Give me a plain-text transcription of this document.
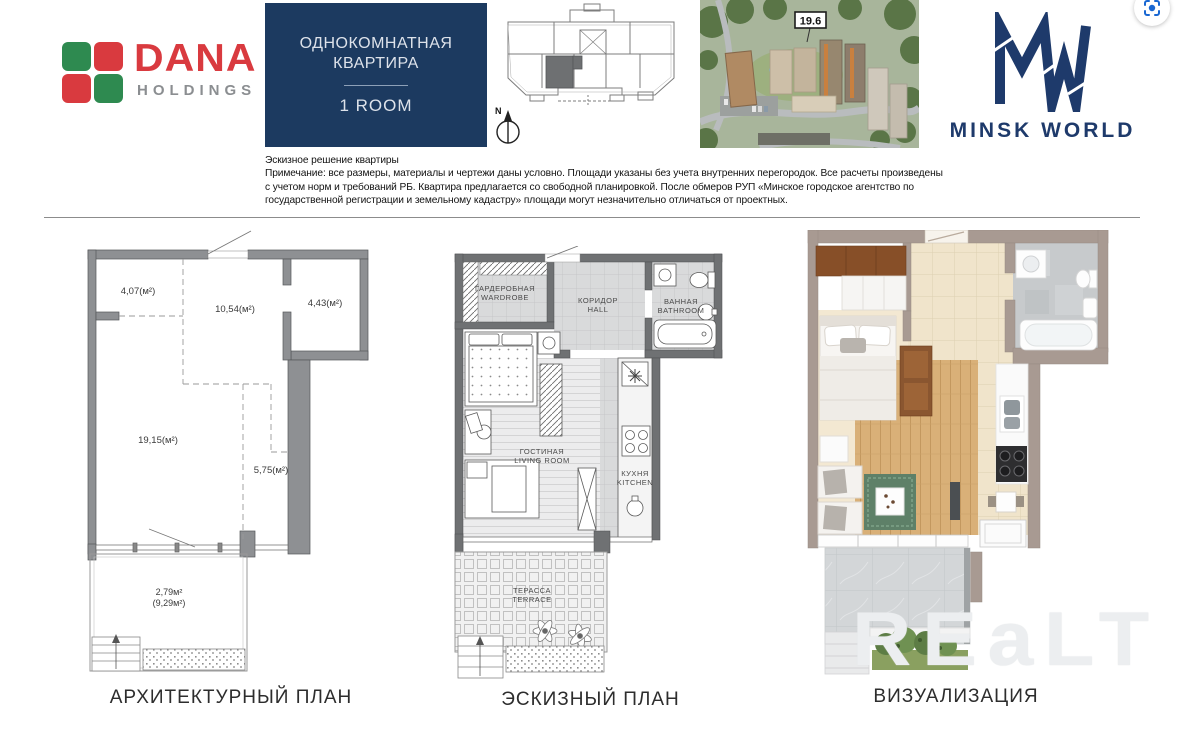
DANA
HOLDINGS
ОДНОКОМНАТНАЯ
КВАРТИРА
1 ROOM	N
19.6
MINSK WORLD
Эскизное решение квартиры
Примечание: все размеры, материалы и чертежи даны условно. Площади указаны без учета внутренних перегородок. Все расчеты произведены
с учетом норм и требований РБ. Квартира предлагается со свободной планировкой. После обмеров РУП «Минское городское агентство по
государственной регистрации и земельному кадастру» площади могут незначительно отличаться от проектных.
4,07(м²)
10,54(м²)
4,43(м²)
19,15(м²)
5,75(м²)
2,79м²
(9,29м²)
ГАРДЕРОБНАЯ
WARDROBE	КОРИДОР
HALL
ВАННАЯ
BATHROOM
ГОСТИНАЯ
LIVING ROOM
КУХНЯ
KITCHEN
ТЕРАССА
TERRACE
АРХИТЕКТУРНЫЙ ПЛАН	ЭСКИЗНЫЙ ПЛАН	ВИЗУАЛИЗАЦИЯ
REaLT
